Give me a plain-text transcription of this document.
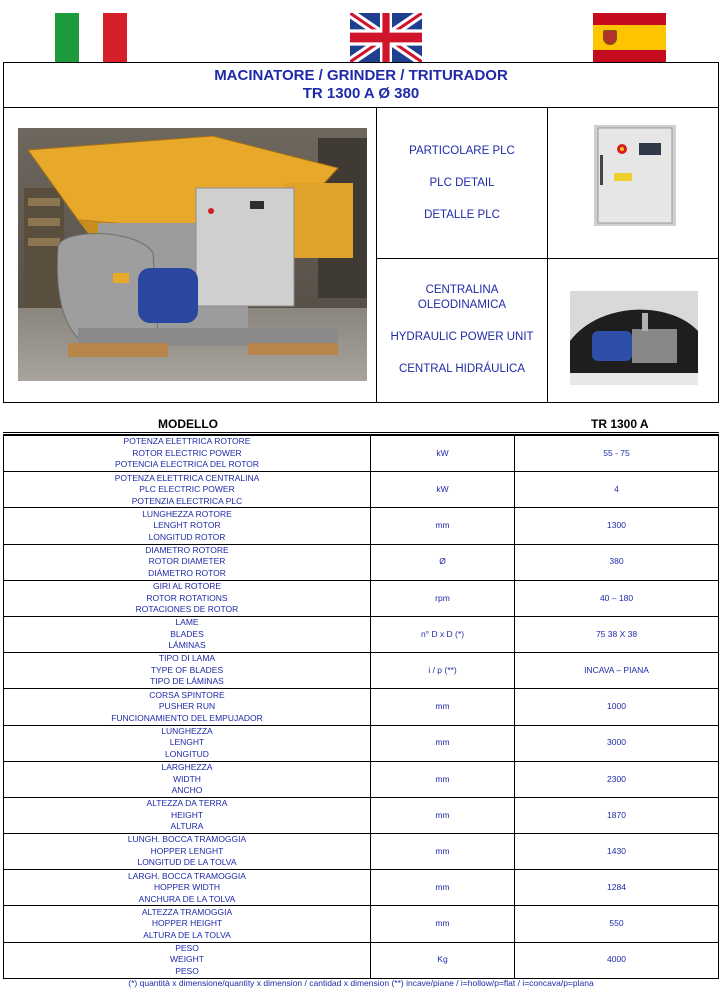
MACINATORE / GRINDER / TRITURADOR
TR 1300 A Ø 380

PARTICOLARE PLC

PLC DETAIL

DETALLE PLC

CENTRALINA

OLEODINAMICA

HYDRAULIC POWER UNIT

CENTRAL HIDRÁULICA

MODELLO	TR 1300 A
POTENZA ELETTRICA ROTORE
ROTOR ELECTRIC POWER
POTENCIA ELECTRICA DEL ROTOR	kW	55 - 75

POTENZA ELETTRICA CENTRALINA
PLC ELECTRIC POWER
POTENZIA ELECTRICA PLC	kW	4

LUNGHEZZA ROTORE
LENGHT ROTOR
LONGITUD ROTOR	mm	1300

DIAMETRO ROTORE
ROTOR DIAMETER
DIÁMETRO ROTOR	Ø	380

GIRI AL ROTORE
ROTOR ROTATIONS
ROTACIONES DE ROTOR	rpm	40 – 180

LAME
BLADES
LÁMINAS	n° D x D (*)	75 38 X 38

TIPO DI LAMA
TYPE OF BLADES
TIPO DE LÁMINAS	i / p (**)	INCAVA – PIANA

CORSA SPINTORE
PUSHER RUN
FUNCIONAMIENTO DEL EMPUJADOR	mm	1000

LUNGHEZZA
LENGHT
LONGITUD	mm	3000

LARGHEZZA
WIDTH
ANCHO	mm	2300

ALTEZZA DA TERRA
HEIGHT
ALTURA	mm	1870

LUNGH. BOCCA TRAMOGGIA
HOPPER LENGHT
LONGITUD DE LA TOLVA	mm	1430

LARGH. BOCCA TRAMOGGIA
HOPPER WIDTH
ANCHURA DE LA TOLVA	mm	1284

ALTEZZA TRAMOGGIA
HOPPER HEIGHT
ALTURA DE LA TOLVA	mm	550

PESO
WEIGHT
PESO	Kg	4000
(*) quantità x dimensione/quantity x dimension / cantidad x dimension (**) incave/piane / i=hollow/p=flat / i=concava/p=plana
